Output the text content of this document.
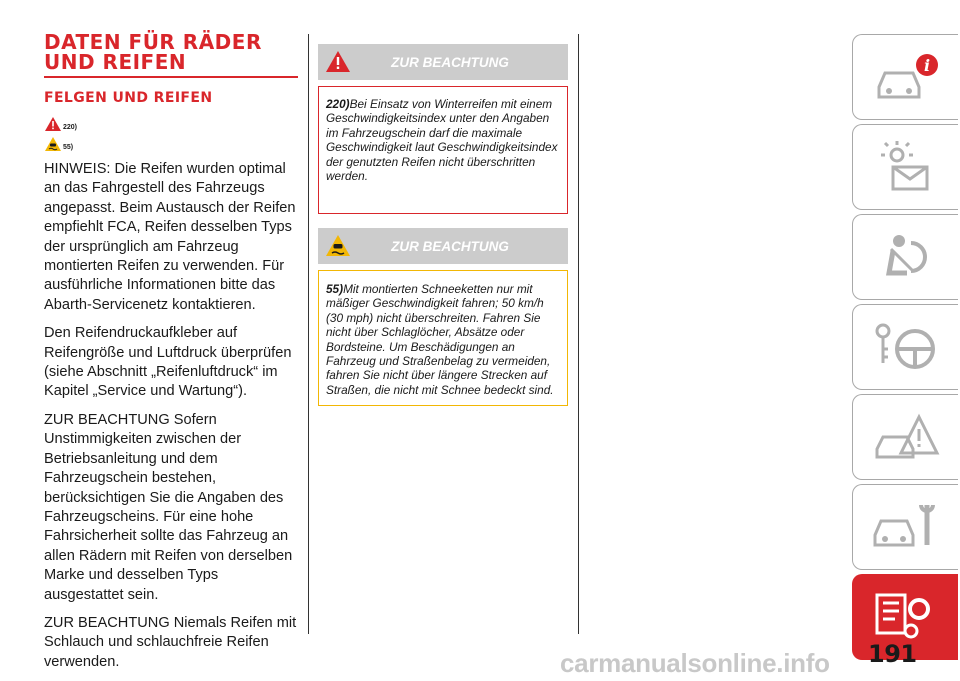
DATEN FÜR RÄDER
UND REIFEN
FELGEN UND REIFEN
220)
55)

HINWEIS: Die Reifen wurden optimal an das Fahrgestell des Fahrzeugs angepasst. Beim Austausch der Reifen empfiehlt FCA, Reifen desselben Typs der ursprünglich am Fahrzeug montierten Reifen zu verwenden. Für ausführliche Informationen bitte das Abarth-Servicenetz kontaktieren.

Den Reifendruckaufkleber auf Reifengröße und Luftdruck überprüfen (siehe Abschnitt „Reifenluftdruck“ im Kapitel „Service und Wartung“).

ZUR BEACHTUNG Sofern Unstimmigkeiten zwischen der Betriebsanleitung und dem Fahrzeugschein bestehen, berücksichtigen Sie die Angaben des Fahrzeugscheins. Für eine hohe Fahrsicherheit sollte das Fahrzeug an allen Rädern mit Reifen von derselben Marke und desselben Typs ausgestattet sein.

ZUR BEACHTUNG Niemals Reifen mit Schlauch und schlauchfreie Reifen verwenden.

ZUR BEACHTUNG
220)Bei Einsatz von Winterreifen mit einem Geschwindigkeitsindex unter den Angaben im Fahrzeugschein darf die maximale Geschwindigkeit laut Geschwindigkeitsindex der genutzten Reifen nicht überschritten werden.
ZUR BEACHTUNG
55)Mit montierten Schneeketten nur mit mäßiger Geschwindigkeit fahren; 50 km/h (30 mph) nicht überschreiten. Fahren Sie nicht über Schlaglöcher, Absätze oder Bordsteine. Um Beschädigungen an Fahrzeug und Straßenbelag zu vermeiden, fahren Sie nicht über längere Strecken auf Straßen, die nicht mit Schnee bedeckt sind.
i
carmanualsonline.info 191
